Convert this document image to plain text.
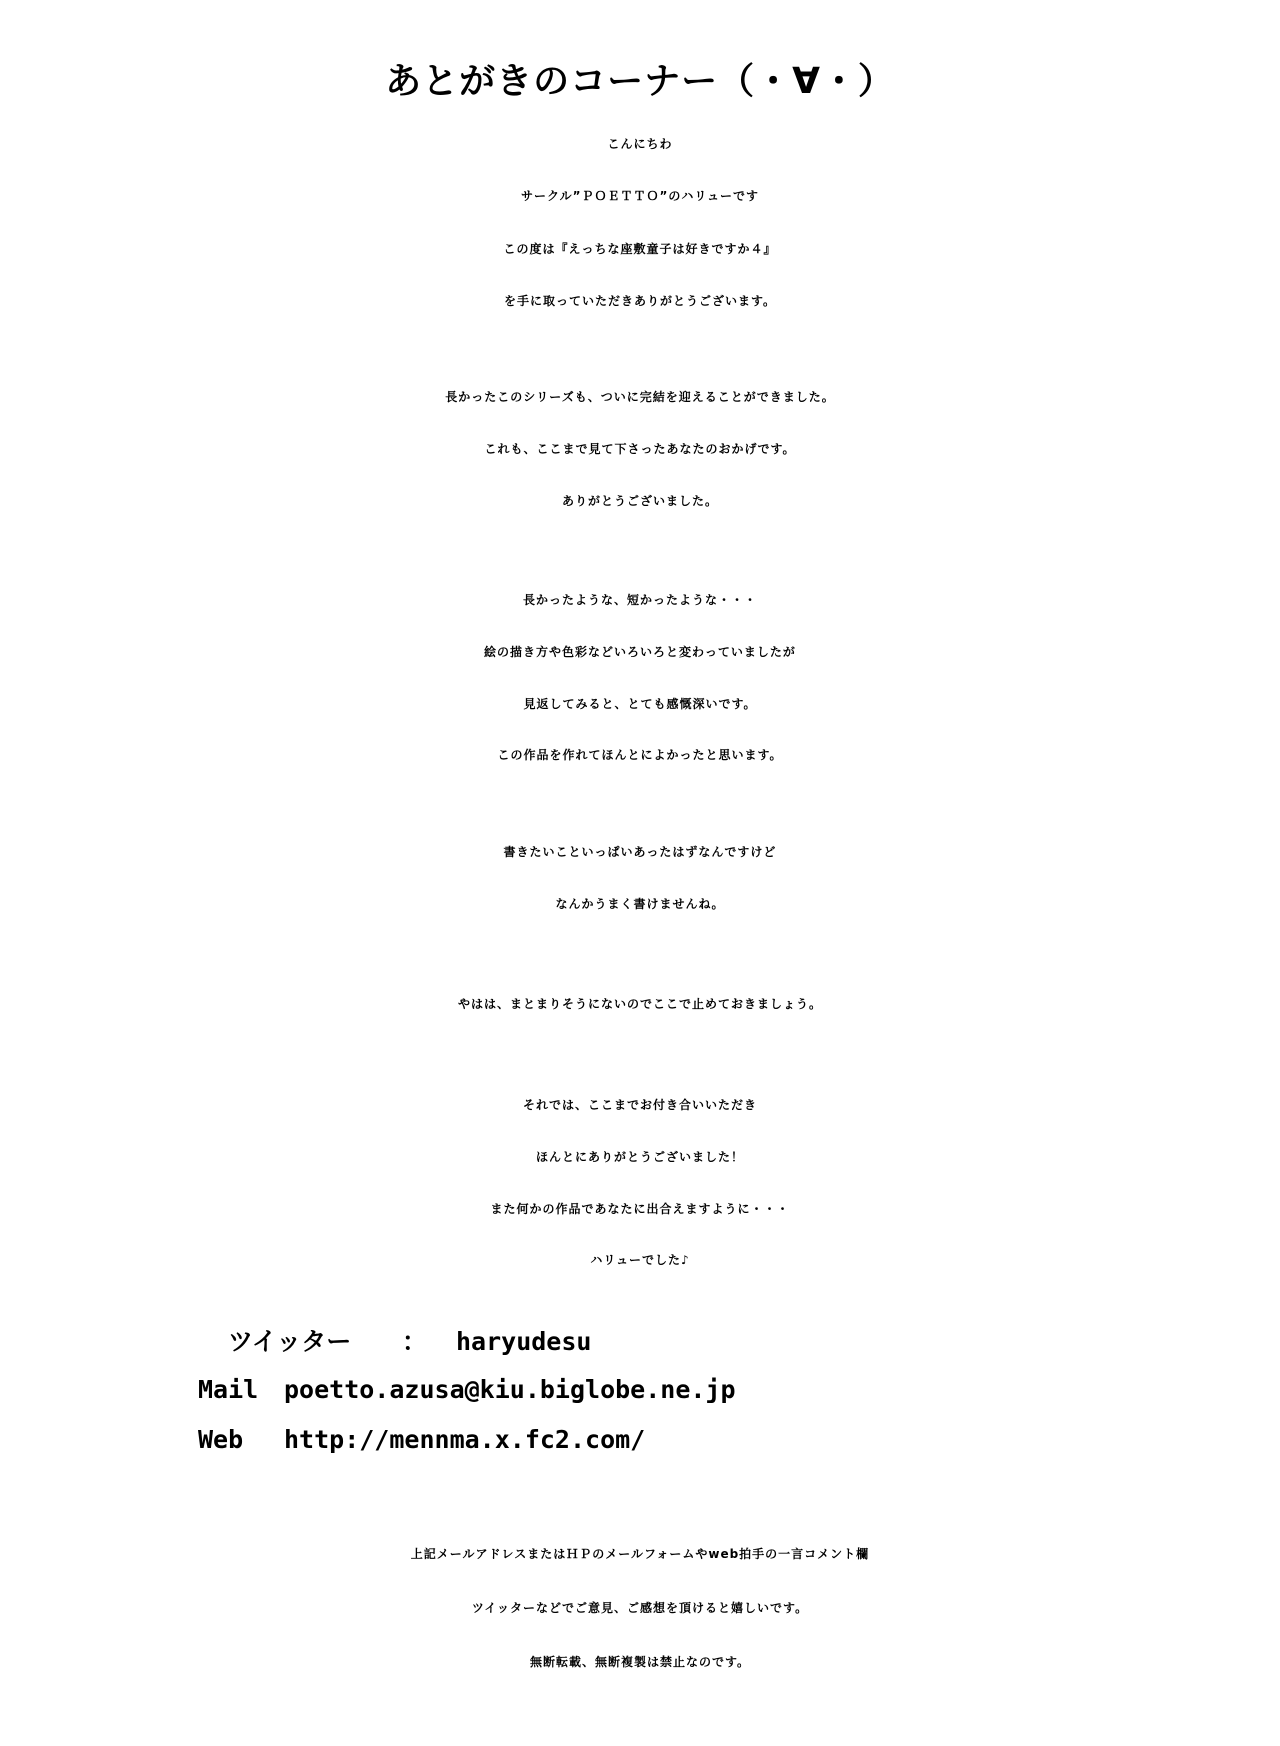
あとがきのコーナー（・∀・）
こんにちわ
サークル”ＰＯＥＴＴＯ”のハリューです
この度は『えっちな座敷童子は好きですか４』
を手に取っていただきありがとうございます。
長かったこのシリーズも、ついに完結を迎えることができました。
これも、ここまで見て下さったあなたのおかげです。
ありがとうございました。
長かったような、短かったような・・・
絵の描き方や色彩などいろいろと変わっていましたが
見返してみると、とても感慨深いです。
この作品を作れてほんとによかったと思います。
書きたいこといっぱいあったはずなんですけど
なんかうまく書けませんね。
やはは、まとまりそうにないのでここで止めておきましょう。
それでは、ここまでお付き合いいただき
ほんとにありがとうございました！
また何かの作品であなたに出合えますように・・・
ハリューでした♪
ツイッター ： haryudesu
Mail poetto.azusa@kiu.biglobe.ne.jp
Web http://mennma.x.fc2.com/
上記メールアドレスまたはＨＰのメールフォームやweb拍手の一言コメント欄
ツイッターなどでご意見、ご感想を頂けると嬉しいです。
無断転載、無断複製は禁止なのです。
